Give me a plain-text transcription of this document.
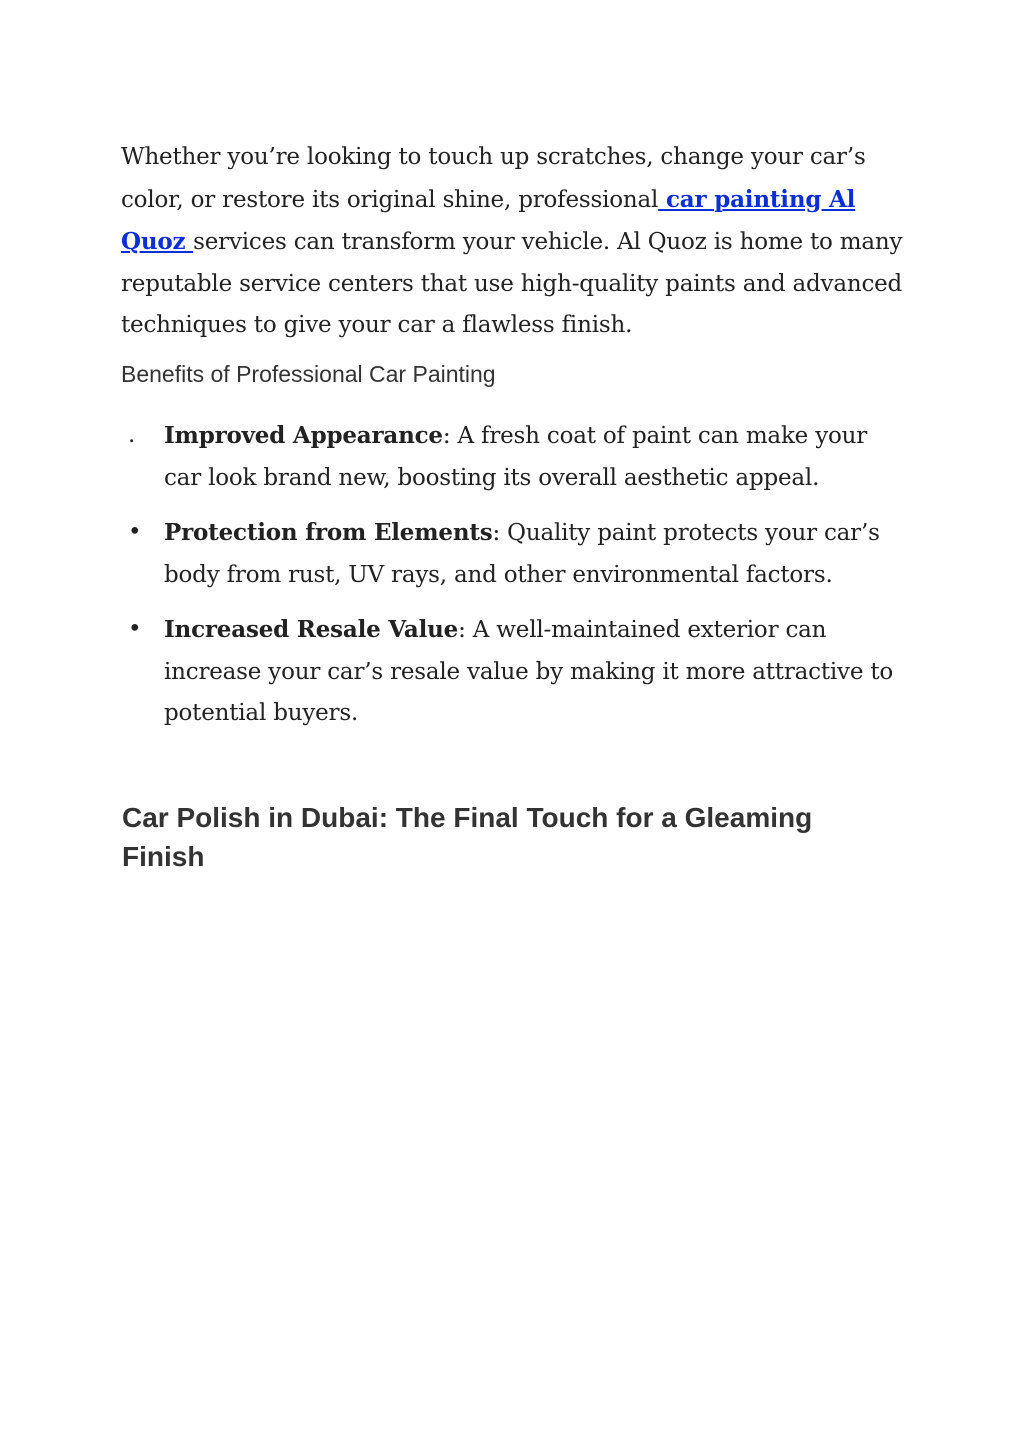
Whether you’re looking to touch up scratches, change your car’s color, or restore its original shine, professional car painting Al Quoz services can transform your vehicle. Al Quoz is home to many reputable service centers that use high-quality paints and advanced techniques to give your car a flawless finish.

Benefits of Professional Car Painting
.	Improved Appearance: A fresh coat of paint can make your car look brand new, boosting its overall aesthetic appeal.
• Protection from Elements: Quality paint protects your car’s body from rust, UV rays, and other environmental factors.
• Increased Resale Value: A well-maintained exterior can increase your car’s resale value by making it more attractive to potential buyers.
Car Polish in Dubai: The Final Touch for a Gleaming Finish
